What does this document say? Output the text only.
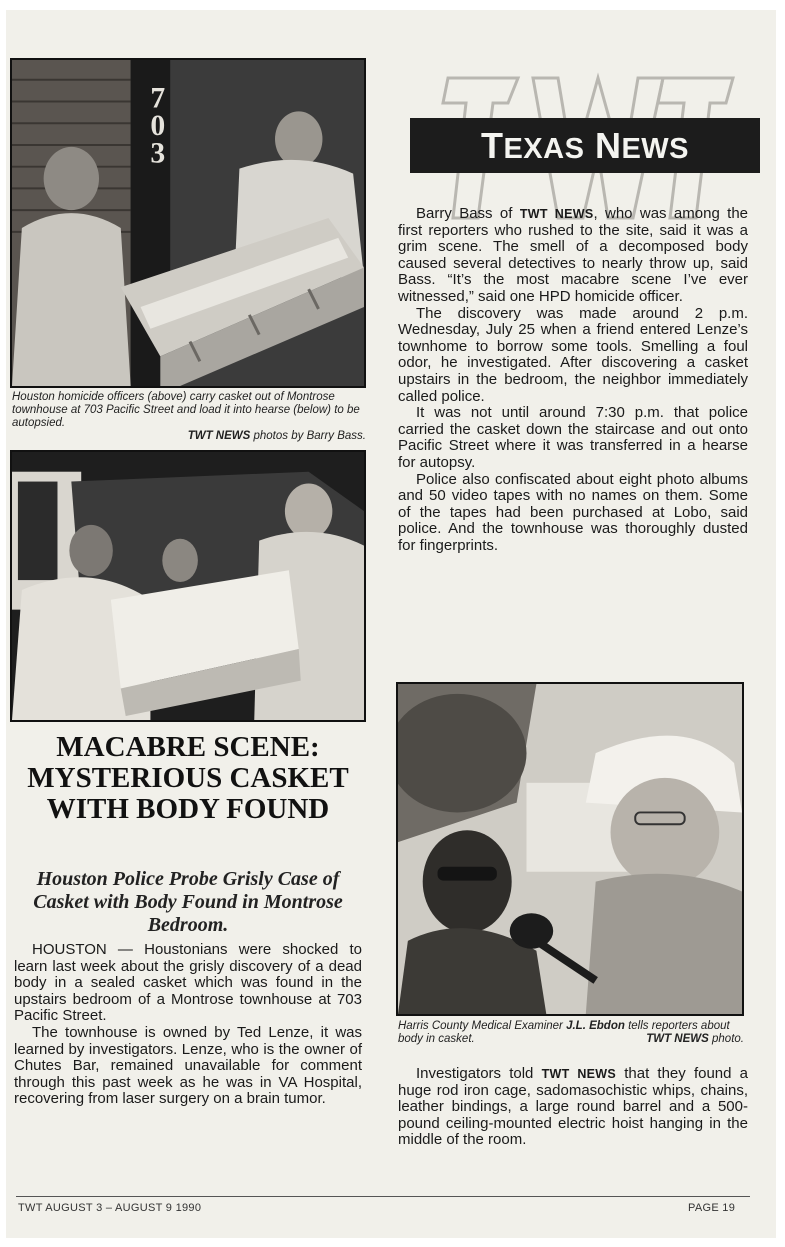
7
0
3
Houston homicide officers (above) carry casket out of Montrose townhouse at 703 Pacific Street and load it into hearse (below) to be autopsied.
TWT NEWS photos by Barry Bass.
MACABRE SCENE: MYSTERIOUS CASKET WITH BODY FOUND
Houston Police Probe Grisly Case of Casket with Body Found in Montrose Bedroom.

HOUSTON — Houstonians were shocked to learn last week about the grisly discovery of a dead body in a sealed casket which was found in the upstairs bedroom of a Montrose townhouse at 703 Pacific Street.

The townhouse is owned by Ted Lenze, it was learned by investigators. Lenze, who is the owner of Chutes Bar, remained unavailable for comment through this past week as he was in VA Hospital, recovering from laser surgery on a brain tumor.

TEXAS NEWS

Barry Bass of TWT NEWS, who was among the first reporters who rushed to the site, said it was a grim scene. The smell of a decomposed body caused several detectives to nearly throw up, said Bass. “It’s the most macabre scene I’ve ever witnessed,” said one HPD homicide officer.

The discovery was made around 2 p.m. Wednesday, July 25 when a friend entered Lenze’s townhome to borrow some tools. Smelling a foul odor, he investigated. After discovering a casket upstairs in the bedroom, the neighbor immediately called police.

It was not until around 7:30 p.m. that police carried the casket down the staircase and out onto Pacific Street where it was transferred in a hearse for autopsy.

Police also confiscated about eight photo albums and 50 video tapes with no names on them. Some of the tapes had been purchased at Lobo, said police. And the townhouse was thoroughly dusted for fingerprints.

Harris County Medical Examiner J.L. Ebdon tells reporters about body in casket.	TWT NEWS photo.

Investigators told TWT NEWS that they found a huge rod iron cage, sadomasochistic whips, chains, leather bindings, a large round barrel and a 500-pound ceiling-mounted electric hoist hanging in the middle of the room.

TWT AUGUST 3 – AUGUST 9 1990	PAGE 19
